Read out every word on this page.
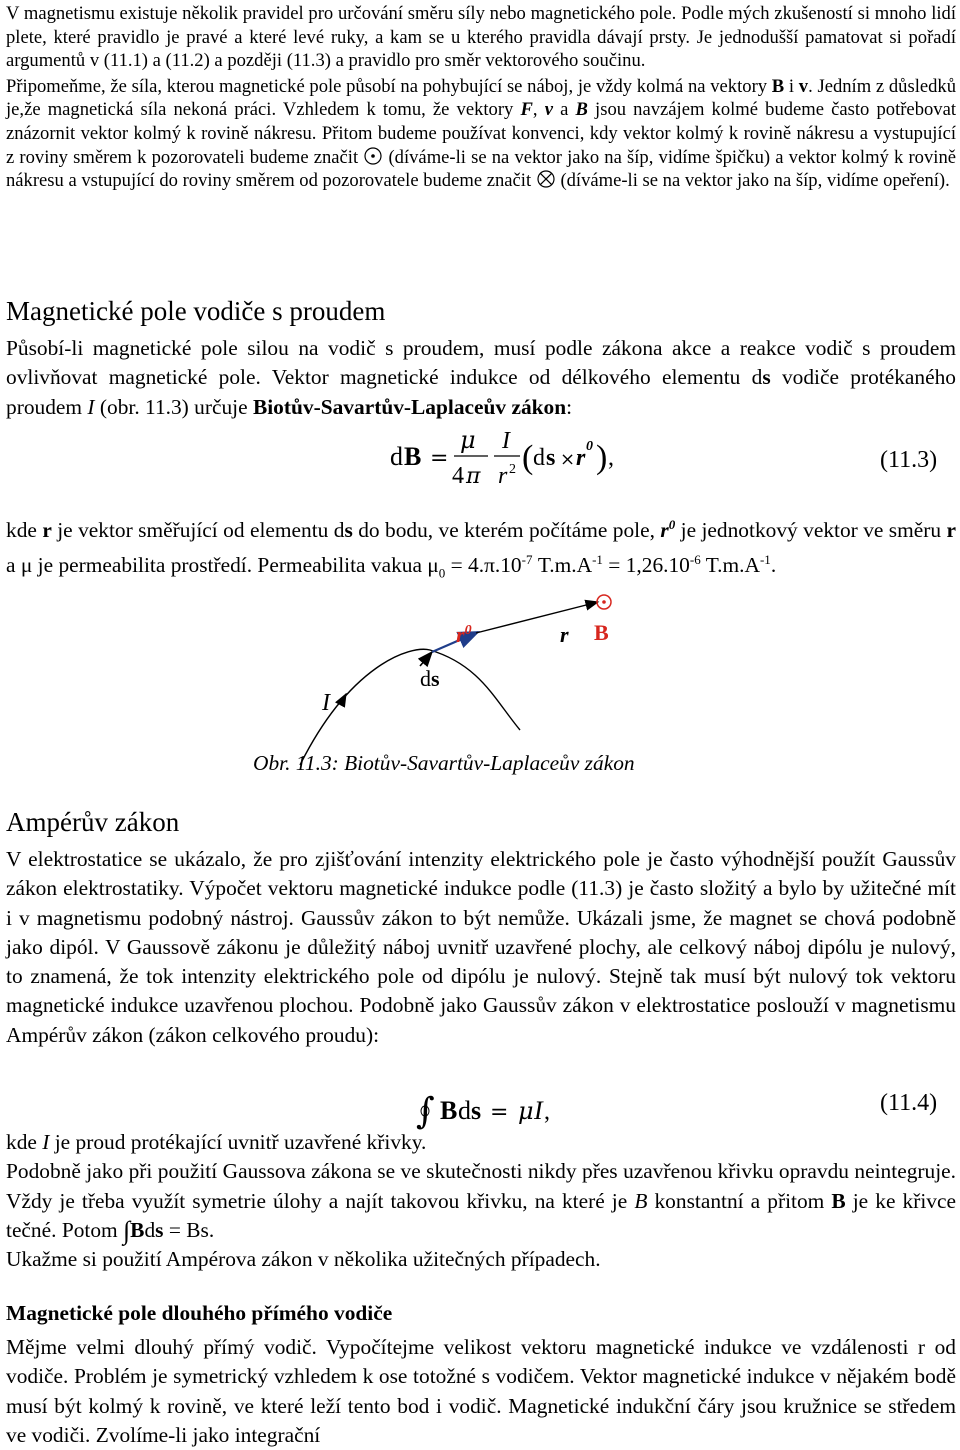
V magnetismu existuje několik pravidel pro určování směru síly nebo magnetického pole. Podle mých zkušeností si mnoho lidí plete, které pravidlo je pravé a které levé ruky, a kam se u kterého pravidla dávají prsty. Je jednodušší pamatovat si pořadí argumentů v (11.1) a (11.2) a později (11.3) a pravidlo pro směr vektorového součinu.

Připomeňme, že síla, kterou magnetické pole působí na pohybující se náboj, je vždy kolmá na vektory B i v. Jedním z důsledků je,že magnetická síla nekoná práci. Vzhledem k tomu, že vektory F, v a B jsou navzájem kolmé budeme často potřebovat znázornit vektor kolmý k rovině nákresu. Přitom budeme používat konvenci, kdy vektor kolmý k rovině nákresu a vystupující z roviny směrem k pozorovateli budeme značit (díváme-li se na vektor jako na šíp, vidíme špičku) a vektor kolmý k rovině nákresu a vstupující do roviny směrem od pozorovatele budeme značit (díváme-li se na vektor jako na šíp, vidíme opeření).

Magnetické pole vodiče s proudem

Působí-li magnetické pole silou na vodič s proudem, musí podle zákona akce a reakce vodič s proudem ovlivňovat magnetické pole. Vektor magnetické indukce od délkového elementu ds vodiče protékaného proudem I (obr. 11.3) určuje Biotův-Savartův-Laplaceův zákon:

d B =
μ
4 π
I
r 2 ( d s × r 0 ) ,	(11.3)

kde r je vektor směřující od elementu ds do bodu, ve kterém počítáme pole, $r^0$ je jednotkový vektor ve směru r a μ je permeabilita prostředí. Permeabilita vakua $\mu_0 = 4.\pi.10^{-7}$ $T.m.A^{-1} = 1,26.10^{-6}$ $T.m.A^{-1}$.

$r^0$	r B
ds
I
Obr. 11.3: Biotův-Savartův-Laplaceův zákon
Ampérův zákon

V elektrostatice se ukázalo, že pro zjišťování intenzity elektrického pole je často výhodnější použít Gaussův zákon elektrostatiky. Výpočet vektoru magnetické indukce podle (11.3) je často složitý a bylo by užitečné mít i v magnetismu podobný nástroj. Gaussův zákon to být nemůže. Ukázali jsme, že magnet se chová podobně jako dipól. V Gaussově zákonu je důležitý náboj uvnitř uzavřené plochy, ale celkový náboj dipólu je nulový, to znamená, že tok intenzity elektrického pole od dipólu je nulový. Stejně tak musí být nulový tok vektoru magnetické indukce uzavřenou plochou. Podobně jako Gaussův zákon v elektrostatice poslouží v magnetismu Ampérův zákon (zákon celkového proudu):

∫ B d s = μ I ,	(11.4)

kde I je proud protékající uvnitř uzavřené křivky.

Podobně jako při použití Gaussova zákona se ve skutečnosti nikdy přes uzavřenou křivku opravdu neintegruje. Vždy je třeba využít symetrie úlohy a najít takovou křivku, na které je B konstantní a přitom B je ke křivce tečné. Potom ∫Bds = Bs.

Ukažme si použití Ampérova zákon v několika užitečných případech.

Magnetické pole dlouhého přímého vodiče

Mějme velmi dlouhý přímý vodič. Vypočítejme velikost vektoru magnetické indukce ve vzdálenosti r od vodiče. Problém je symetrický vzhledem k ose totožné s vodičem. Vektor magnetické indukce v nějakém bodě musí být kolmý k rovině, ve které leží tento bod i vodič. Magnetické indukční čáry jsou kružnice se středem ve vodiči. Zvolíme-li jako integrační
